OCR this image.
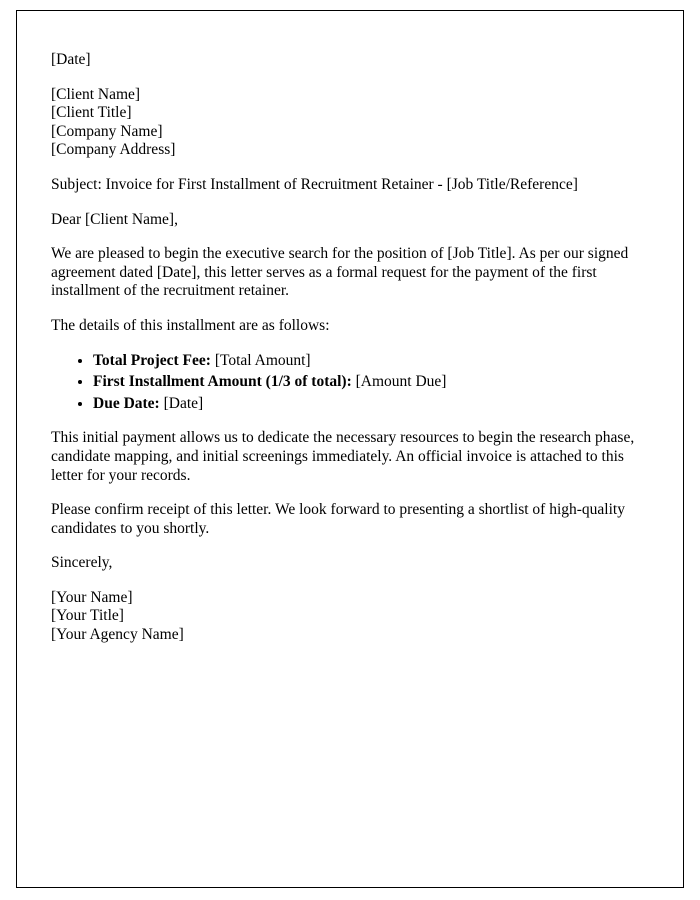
[Date]

[Client Name]
[Client Title]
[Company Name]
[Company Address]

Subject: Invoice for First Installment of Recruitment Retainer - [Job Title/Reference]

Dear [Client Name],

We are pleased to begin the executive search for the position of [Job Title]. As per our signed agreement dated [Date], this letter serves as a formal request for the payment of the first installment of the recruitment retainer.

The details of this installment are as follows:

• Total Project Fee: [Total Amount]
• First Installment Amount (1/3 of total): [Amount Due]
• Due Date: [Date]

This initial payment allows us to dedicate the necessary resources to begin the research phase, candidate mapping, and initial screenings immediately. An official invoice is attached to this letter for your records.

Please confirm receipt of this letter. We look forward to presenting a shortlist of high-quality candidates to you shortly.

Sincerely,

[Your Name]
[Your Title]
[Your Agency Name]
